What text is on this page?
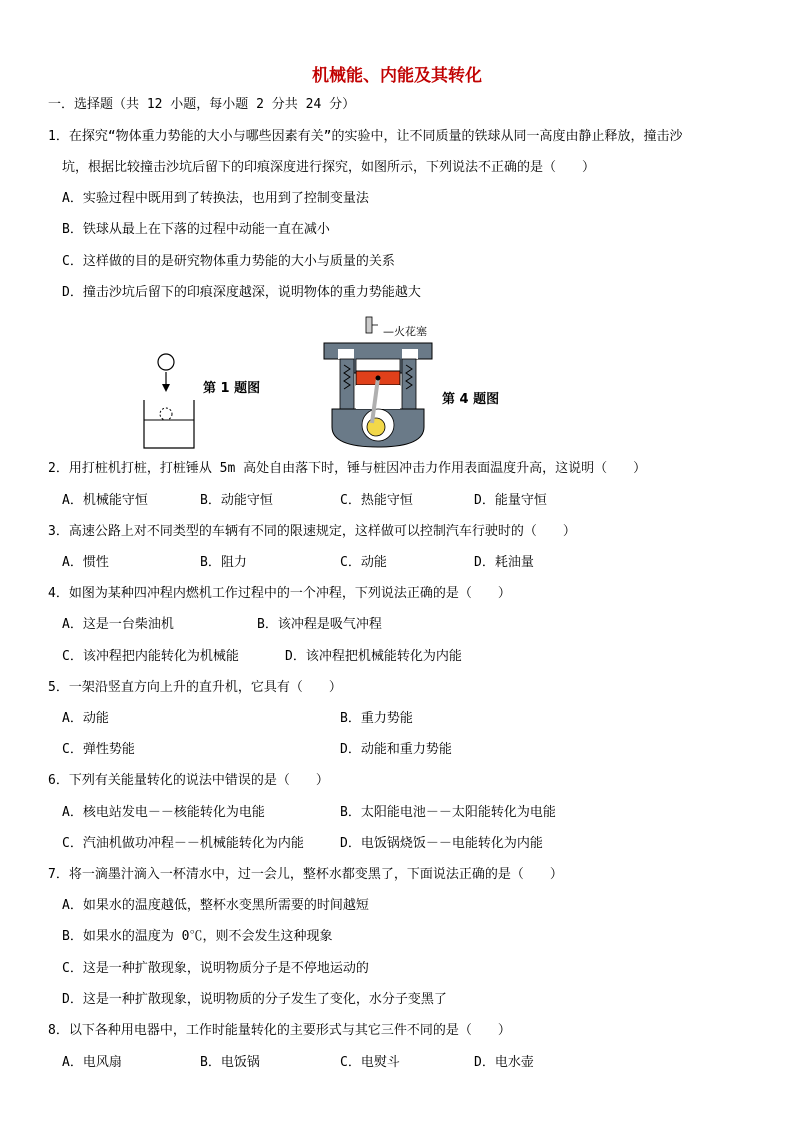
机械能、内能及其转化
一．选择题（共 12 小题，每小题 2 分共 24 分）
1．在探究“物体重力势能的大小与哪些因素有关”的实验中，让不同质量的铁球从同一高度由静止释放，撞击沙
坑，根据比较撞击沙坑后留下的印痕深度进行探究，如图所示，下列说法不正确的是（　　）
A．实验过程中既用到了转换法，也用到了控制变量法
B．铁球从最上在下落的过程中动能一直在减小
C．这样做的目的是研究物体重力势能的大小与质量的关系
D．撞击沙坑后留下的印痕深度越深，说明物体的重力势能越大
第 1 题图
—火花塞
第 4 题图
2．用打桩机打桩，打桩锤从 5m 高处自由落下时，锤与桩因冲击力作用表面温度升高，这说明（　　）
A．机械能守恒	B．动能守恒	C．热能守恒	D．能量守恒
3．高速公路上对不同类型的车辆有不同的限速规定，这样做可以控制汽车行驶时的（　　）
A．惯性	B．阻力	C．动能	D．耗油量
4．如图为某种四冲程内燃机工作过程中的一个冲程，下列说法正确的是（　　）
A．这是一台柴油机	B．该冲程是吸气冲程
C．该冲程把内能转化为机械能	D．该冲程把机械能转化为内能
5．一架沿竖直方向上升的直升机，它具有（　　）
A．动能	B．重力势能
C．弹性势能	D．动能和重力势能
6．下列有关能量转化的说法中错误的是（　　）
A．核电站发电－－核能转化为电能	B．太阳能电池－－太阳能转化为电能
C．汽油机做功冲程－－机械能转化为内能	D．电饭锅烧饭－－电能转化为内能
7．将一滴墨汁滴入一杯清水中，过一会儿，整杯水都变黑了，下面说法正确的是（　　）
A．如果水的温度越低，整杯水变黑所需要的时间越短
B．如果水的温度为 0℃，则不会发生这种现象
C．这是一种扩散现象，说明物质分子是不停地运动的
D．这是一种扩散现象，说明物质的分子发生了变化，水分子变黑了
8．以下各种用电器中，工作时能量转化的主要形式与其它三件不同的是（　　）
A．电风扇	B．电饭锅	C．电熨斗	D．电水壶
